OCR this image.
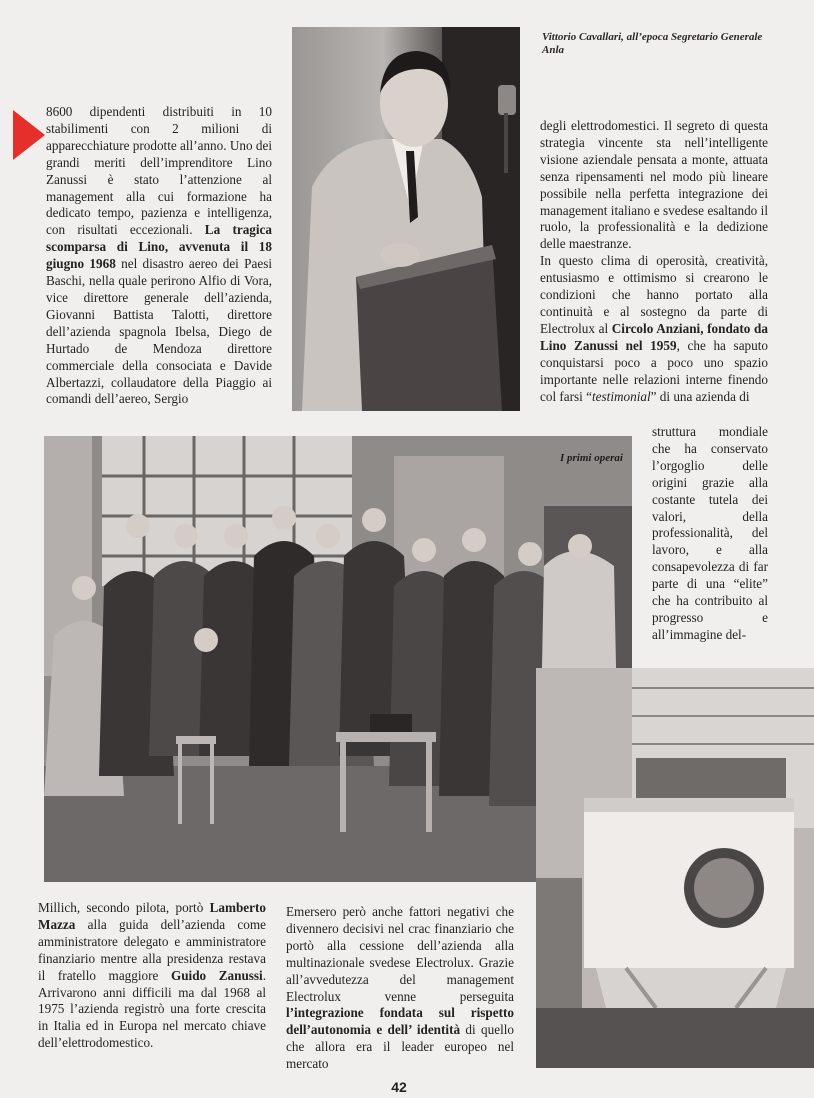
Vittorio Cavallari, all’epoca Segretario Generale Anla

8600 dipendenti distribuiti in 10 stabilimenti con 2 milioni di apparecchiature prodotte all’anno. Uno dei grandi meriti dell’imprenditore Lino Zanussi è stato l’attenzione al management alla cui formazione ha dedicato tempo, pazienza e intelligenza, con risultati eccezionali. La tragica scomparsa di Lino, avvenuta il 18 giugno 1968 nel disastro aereo dei Paesi Baschi, nella quale perirono Alfio di Vora, vice direttore generale dell’azienda, Giovanni Battista Talotti, direttore dell’azienda spagnola Ibelsa, Diego de Hurtado de Mendoza direttore commerciale della consociata e Davide Albertazzi, collaudatore della Piaggio ai comandi dell’aereo, Sergio

degli elettrodomestici. Il segreto di questa strategia vincente sta nell’intelligente visione aziendale pensata a monte, attuata senza ripensamenti nel modo più lineare possibile nella perfetta integrazione dei management italiano e svedese esaltando il ruolo, la professionalità e la dedizione delle maestranze.

In questo clima di operosità, creatività, entusiasmo e ottimismo si crearono le condizioni che hanno portato alla continuità e al sostegno da parte di Electrolux al Circolo Anziani, fondato da Lino Zanussi nel 1959, che ha saputo conquistarsi poco a poco uno spazio importante nelle relazioni interne finendo col farsi “testimonial” di una azienda di

struttura mondiale che ha conservato l’orgoglio delle origini grazie alla costante tutela dei valori, della professionalità, del lavoro, e alla consapevolezza di far parte di una “elite” che ha contribuito al progresso e all’immagine del-

I primi operai

Millich, secondo pilota, portò Lamberto Mazza alla guida dell’azienda come amministratore delegato e amministratore finanziario mentre alla presidenza restava il fratello maggiore Guido Zanussi. Arrivarono anni difficili ma dal 1968 al 1975 l’azienda registrò una forte crescita in Italia ed in Europa nel mercato chiave dell’elettrodomestico.

Emersero però anche fattori negativi che divennero decisivi nel crac finanziario che portò alla cessione dell’azienda alla multinazionale svedese Electrolux. Grazie all’avvedutezza del management Electrolux venne perseguita l’integrazione fondata sul rispetto dell’autonomia e dell’ identità di quello che allora era il leader europeo nel mercato

42
